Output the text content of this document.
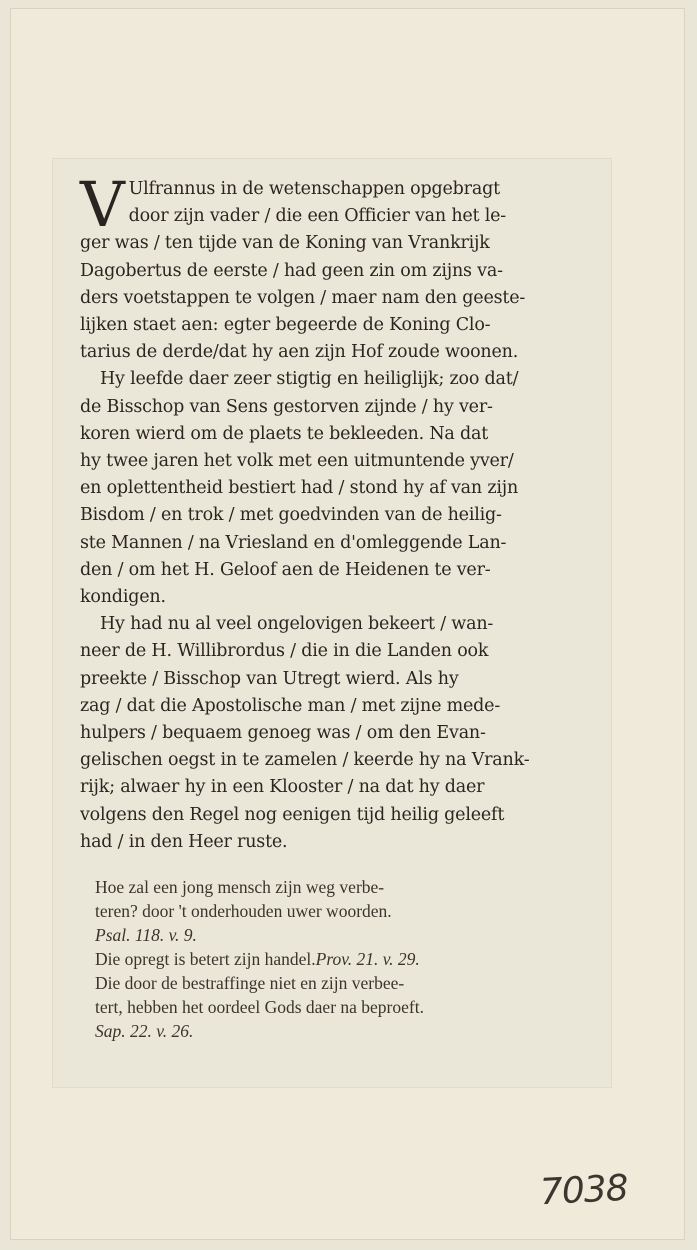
V Ulfrannus in de wetenschappen opgebragt
door zijn vader / die een Officier van het le-
ger was / ten tijde van de Koning van Vrankrijk
Dagobertus de eerste / had geen zin om zijns va-
ders voetstappen te volgen / maer nam den geeste-
lijken staet aen: egter begeerde de Koning Clo-
tarius de derde/dat hy aen zijn Hof zoude woonen.

Hy leefde daer zeer stigtig en heiliglijk; zoo dat/
de Bisschop van Sens gestorven zijnde / hy ver-
koren wierd om de plaets te bekleeden. Na dat
hy twee jaren het volk met een uitmuntende yver/
en oplettentheid bestiert had / stond hy af van zijn
Bisdom / en trok / met goedvinden van de heilig-
ste Mannen / na Vriesland en d'omleggende Lan-
den / om het H. Geloof aen de Heidenen te ver-
kondigen.

Hy had nu al veel ongelovigen bekeert / wan-
neer de H. Willibrordus / die in die Landen ook
preekte / Bisschop van Utregt wierd. Als hy
zag / dat die Apostolische man / met zijne mede-
hulpers / bequaem genoeg was / om den Evan-
gelischen oegst in te zamelen / keerde hy na Vrank-
rijk; alwaer hy in een Klooster / na dat hy daer
volgens den Regel nog eenigen tijd heilig geleeft
had / in den Heer ruste.

Hoe zal een jong mensch zijn weg verbe-
teren? door 't onderhouden uwer woorden.
Psal. 118. v. 9.
Die opregt is betert zijn handel.Prov. 21. v. 29.
Die door de bestraffinge niet en zijn verbee-
tert, hebben het oordeel Gods daer na beproeft.
Sap. 22. v. 26.
7038
